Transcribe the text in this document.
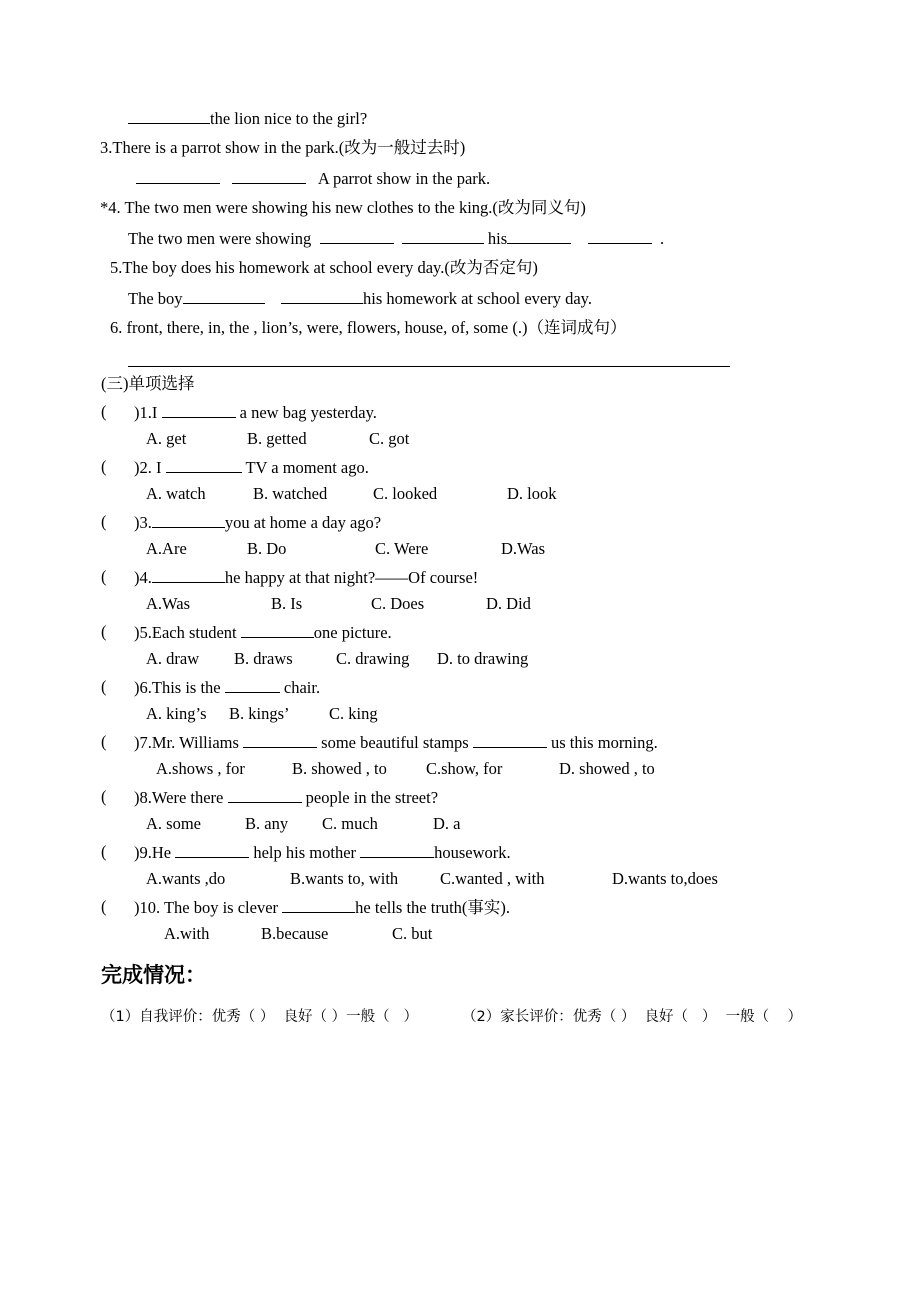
the lion nice to the girl?
3.There is a parrot show in the park.(改为一般过去时)
A parrot show in the park.
*4. The two men were showing his new clothes to the king.(改为同义句)
The two men were showing	his	.
5.The boy does his homework at school every day.(改为否定句)
The boy	his homework at school every day.
6. front, there, in, the , lion’s, were, flowers, house, of, some (.)（连词成句）
(三)单项选择
( )1.I	a new bag yesterday.
A. get	B. getted	C. got
( )2. I	TV a moment ago.
A. watch	B. watched	C. looked	D. look
( )3.	you at home a day ago?
A.Are	B. Do	C. Were	D.Was
( )4.	he happy at that night?——Of course!
A.Was	B. Is	C. Does	D. Did
( )5.Each student	one picture.
A. draw B. draws	C. drawing D. to drawing
( )6.This is the	chair.
A. king’s B. kings’ C. king
( )7.Mr. Williams	some beautiful stamps	us this morning.
A.shows , for	B. showed , to C.show, for	D. showed , to
( )8.Were there	people in the street?
A. some	B. any C. much	D. a
( )9.He	help his mother	housework.
A.wants ,do	B.wants to, with	C.wanted , with	D.wants to,does
( )10. The boy is clever	he tells the truth(事实).
A.with	B.because	C. but
完成情况：
（1）自我评价：优秀（ ）  良好（ ）一般（   ）	（2）家长评价：优秀（ ）  良好（   ）  一般（    ）
